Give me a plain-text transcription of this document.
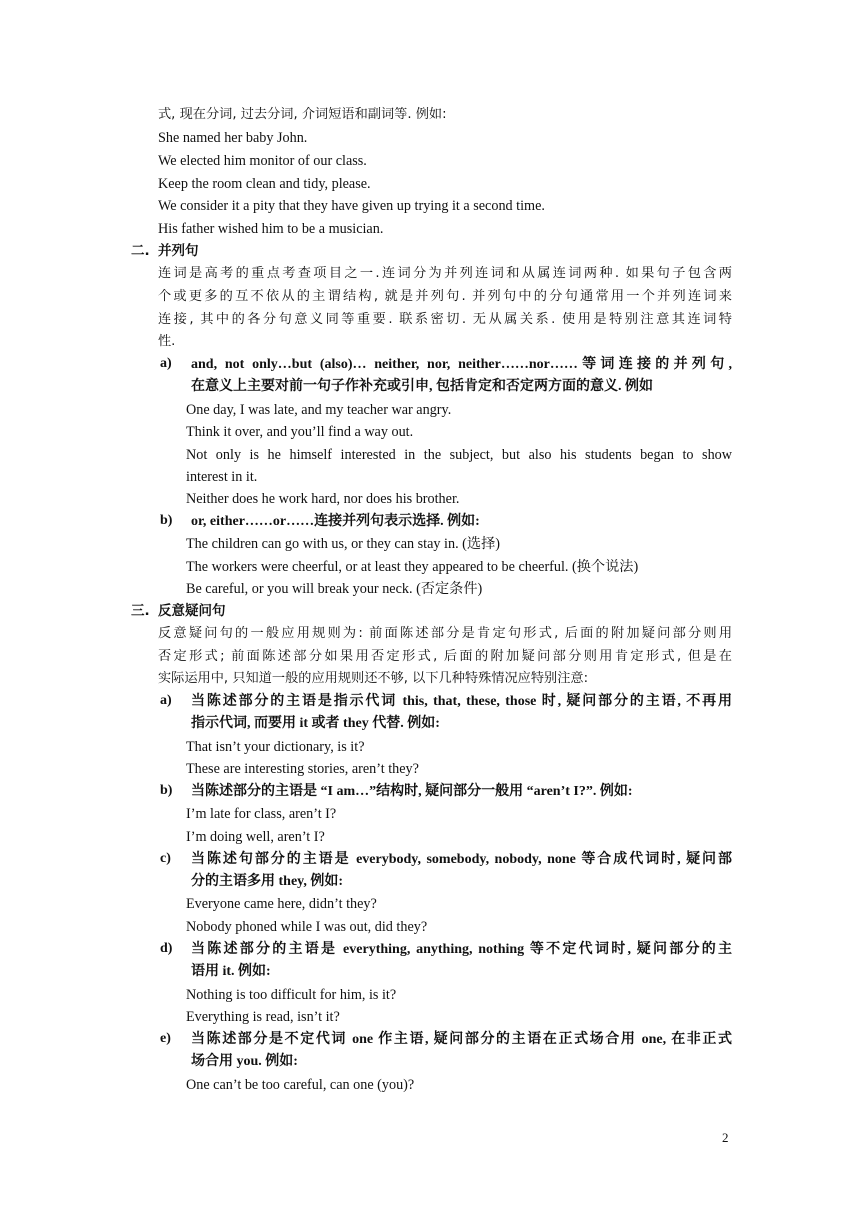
式, 现在分词, 过去分词, 介词短语和副词等. 例如:
She named her baby John.
We elected him monitor of our class.
Keep the room clean and tidy, please.
We consider it a pity that they have given up trying it a second time.
His father wished him to be a musician.
二. 并列句
连词是高考的重点考查项目之一.连词分为并列连词和从属连词两种. 如果句子包含两
个或更多的互不依从的主谓结构, 就是并列句. 并列句中的分句通常用一个并列连词来
连接, 其中的各分句意义同等重要. 联系密切. 无从属关系. 使用是特别注意其连词特
性.
a) and, not only…but (also)… neither, nor, neither……nor……等词连接的并列句,
在意义上主要对前一句子作补充或引申, 包括肯定和否定两方面的意义. 例如
One day, I was late, and my teacher war angry.
Think it over, and you’ll find a way out.
Not only is he himself interested in the subject, but also his students began to show
interest in it.
Neither does he work hard, nor does his brother.
b) or, either……or……连接并列句表示选择. 例如:
The children can go with us, or they can stay in. (选择)
The workers were cheerful, or at least they appeared to be cheerful. (换个说法)
Be careful, or you will break your neck. (否定条件)
三. 反意疑问句
反意疑问句的一般应用规则为: 前面陈述部分是肯定句形式, 后面的附加疑问部分则用
否定形式; 前面陈述部分如果用否定形式, 后面的附加疑问部分则用肯定形式, 但是在
实际运用中, 只知道一般的应用规则还不够, 以下几种特殊情况应特别注意:
a) 当陈述部分的主语是指示代词 this, that, these, those 时, 疑问部分的主语, 不再用
指示代词, 而要用 it 或者 they 代替. 例如:
That isn’t your dictionary, is it?
These are interesting stories, aren’t they?
b) 当陈述部分的主语是 “I am…”结构时, 疑问部分一般用 “aren’t I?”. 例如:
I’m late for class, aren’t I?
I’m doing well, aren’t I?
c) 当陈述句部分的主语是 everybody, somebody, nobody, none 等合成代词时, 疑问部
分的主语多用 they, 例如:
Everyone came here, didn’t they?
Nobody phoned while I was out, did they?
d) 当陈述部分的主语是 everything, anything, nothing 等不定代词时, 疑问部分的主
语用 it. 例如:
Nothing is too difficult for him, is it?
Everything is read, isn’t it?
e) 当陈述部分是不定代词 one 作主语, 疑问部分的主语在正式场合用 one, 在非正式
场合用 you. 例如:
One can’t be too careful, can one (you)?
2
